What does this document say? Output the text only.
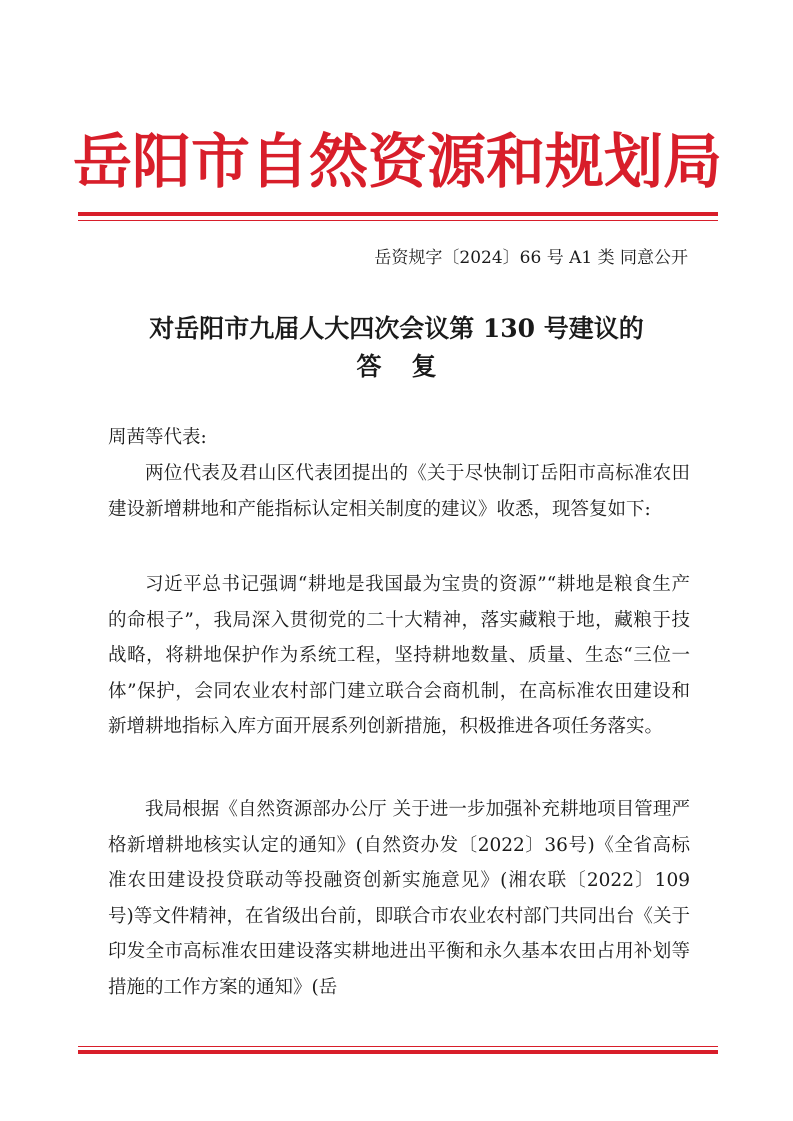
岳阳市自然资源和规划局
岳资规字〔2024〕66 号 A1 类 同意公开
对岳阳市九届人大四次会议第 130 号建议的
答复
周茜等代表:
两位代表及君山区代表团提出的《关于尽快制订岳阳市高标准农田建设新增耕地和产能指标认定相关制度的建议》收悉，现答复如下:
习近平总书记强调“耕地是我国最为宝贵的资源”“耕地是粮食生产的命根子”，我局深入贯彻党的二十大精神，落实藏粮于地，藏粮于技战略，将耕地保护作为系统工程，坚持耕地数量、质量、生态“三位一体”保护，会同农业农村部门建立联合会商机制，在高标准农田建设和新增耕地指标入库方面开展系列创新措施，积极推进各项任务落实。
我局根据《自然资源部办公厅 关于进一步加强补充耕地项目管理严格新增耕地核实认定的通知》(自然资办发〔2022〕36号)《全省高标准农田建设投贷联动等投融资创新实施意见》(湘农联〔2022〕109 号)等文件精神，在省级出台前，即联合市农业农村部门共同出台《关于印发全市高标准农田建设落实耕地进出平衡和永久基本农田占用补划等措施的工作方案的通知》(岳
